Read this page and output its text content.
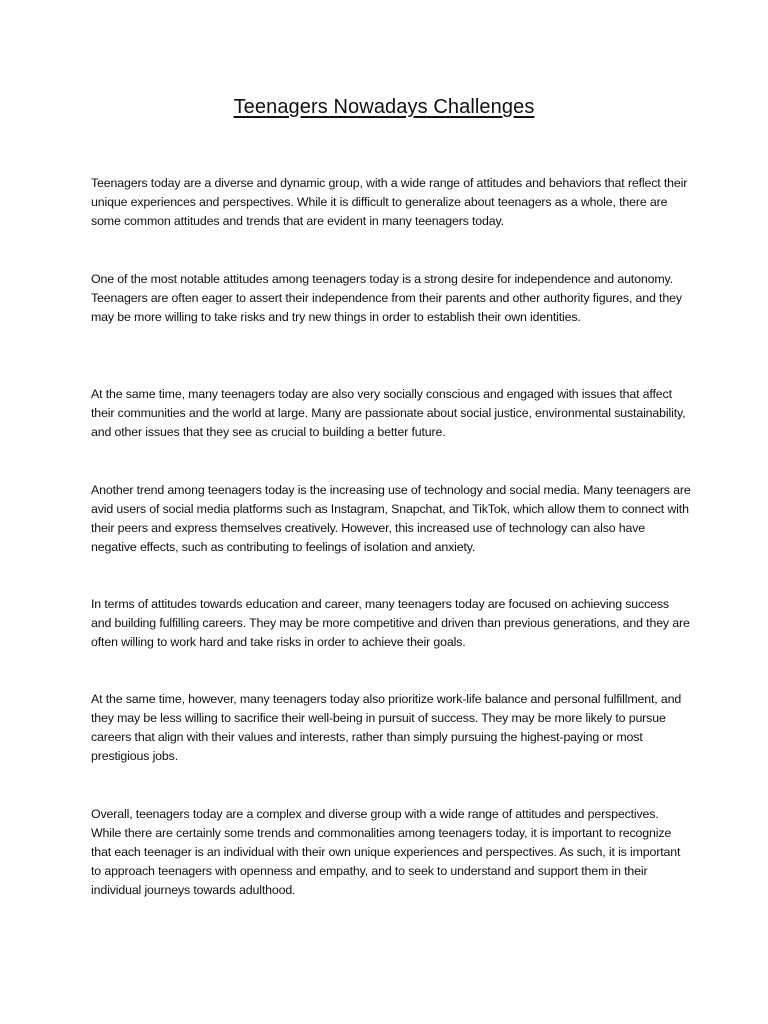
Teenagers Nowadays Challenges

Teenagers today are a diverse and dynamic group, with a wide range of attitudes and behaviors that reflect their unique experiences and perspectives. While it is difficult to generalize about teenagers as a whole, there are some common attitudes and trends that are evident in many teenagers today.

One of the most notable attitudes among teenagers today is a strong desire for independence and autonomy. Teenagers are often eager to assert their independence from their parents and other authority figures, and they may be more willing to take risks and try new things in order to establish their own identities.

At the same time, many teenagers today are also very socially conscious and engaged with issues that affect their communities and the world at large. Many are passionate about social justice, environmental sustainability, and other issues that they see as crucial to building a better future.

Another trend among teenagers today is the increasing use of technology and social media. Many teenagers are avid users of social media platforms such as Instagram, Snapchat, and TikTok, which allow them to connect with their peers and express themselves creatively. However, this increased use of technology can also have negative effects, such as contributing to feelings of isolation and anxiety.

In terms of attitudes towards education and career, many teenagers today are focused on achieving success and building fulfilling careers. They may be more competitive and driven than previous generations, and they are often willing to work hard and take risks in order to achieve their goals.

At the same time, however, many teenagers today also prioritize work-life balance and personal fulfillment, and they may be less willing to sacrifice their well-being in pursuit of success. They may be more likely to pursue careers that align with their values and interests, rather than simply pursuing the highest-paying or most prestigious jobs.

Overall, teenagers today are a complex and diverse group with a wide range of attitudes and perspectives. While there are certainly some trends and commonalities among teenagers today, it is important to recognize that each teenager is an individual with their own unique experiences and perspectives. As such, it is important to approach teenagers with openness and empathy, and to seek to understand and support them in their individual journeys towards adulthood.
